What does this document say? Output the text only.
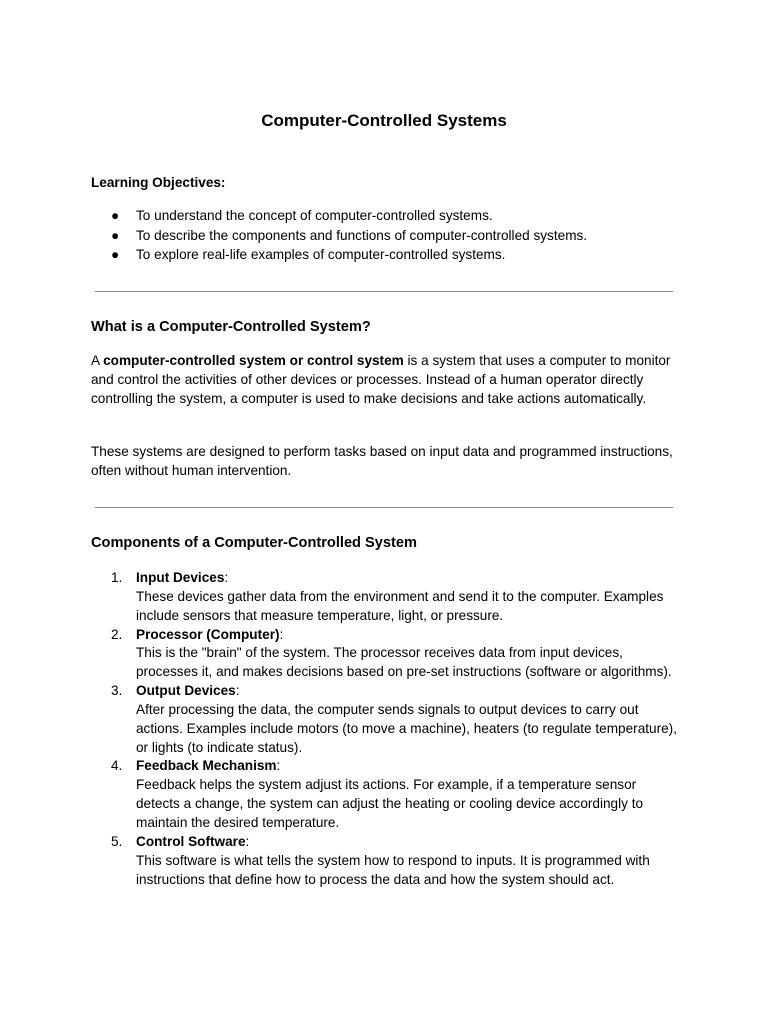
Computer-Controlled Systems
Learning Objectives:
● To understand the concept of computer-controlled systems.
● To describe the components and functions of computer-controlled systems.
● To explore real-life examples of computer-controlled systems.
What is a Computer-Controlled System?
A computer-controlled system or control system is a system that uses a computer to monitor and control the activities of other devices or processes. Instead of a human operator directly controlling the system, a computer is used to make decisions and take actions automatically.
These systems are designed to perform tasks based on input data and programmed instructions, often without human intervention.
Components of a Computer-Controlled System
1. Input Devices:
These devices gather data from the environment and send it to the computer. Examples include sensors that measure temperature, light, or pressure.
2. Processor (Computer):
This is the "brain" of the system. The processor receives data from input devices, processes it, and makes decisions based on pre-set instructions (software or algorithms).
3. Output Devices:
After processing the data, the computer sends signals to output devices to carry out actions. Examples include motors (to move a machine), heaters (to regulate temperature), or lights (to indicate status).
4. Feedback Mechanism:
Feedback helps the system adjust its actions. For example, if a temperature sensor detects a change, the system can adjust the heating or cooling device accordingly to maintain the desired temperature.
5. Control Software:
This software is what tells the system how to respond to inputs. It is programmed with instructions that define how to process the data and how the system should act.
